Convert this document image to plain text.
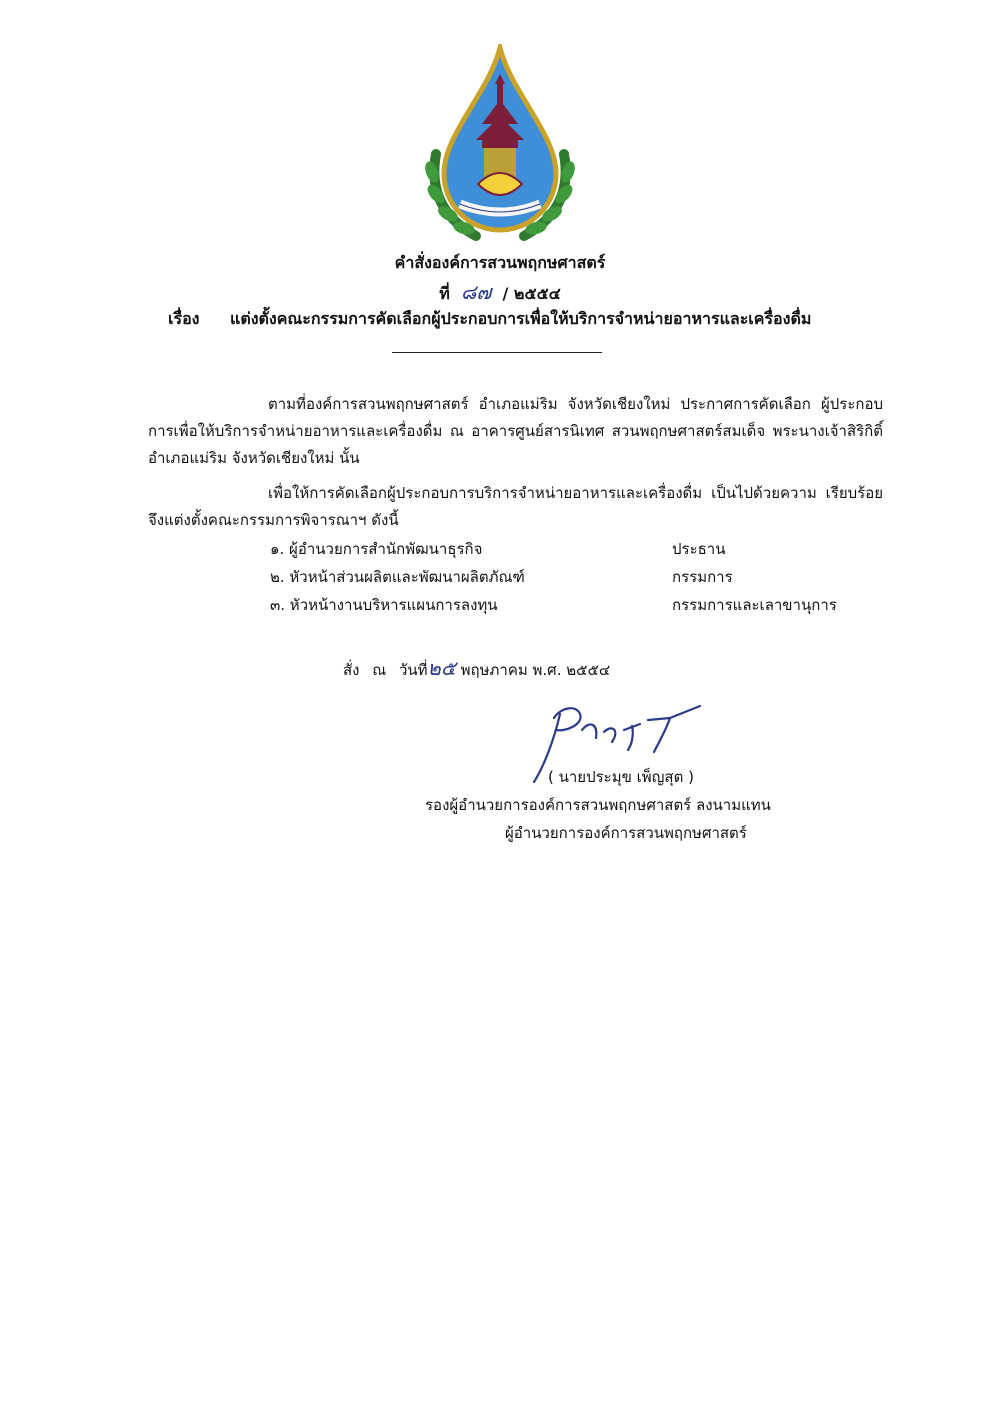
คำสั่งองค์การสวนพฤกษศาสตร์
ที่ ๘๗ / ๒๕๕๔
เรื่อง แต่งตั้งคณะกรรมการคัดเลือกผู้ประกอบการเพื่อให้บริการจำหน่ายอาหารและเครื่องดื่ม
ตามที่องค์การสวนพฤกษศาสตร์ อำเภอแม่ริม จังหวัดเชียงใหม่ ประกาศการคัดเลือก ผู้ประกอบการเพื่อให้บริการจำหน่ายอาหารและเครื่องดื่ม ณ อาคารศูนย์สารนิเทศ สวนพฤกษศาสตร์สมเด็จ พระนางเจ้าสิริกิติ์ อำเภอแม่ริม จังหวัดเชียงใหม่ นั้น
เพื่อให้การคัดเลือกผู้ประกอบการบริการจำหน่ายอาหารและเครื่องดื่ม เป็นไปด้วยความ เรียบร้อยจึงแต่งตั้งคณะกรรมการพิจารณาฯ ดังนี้
๑. ผู้อำนวยการสำนักพัฒนาธุรกิจ	ประธาน
๒. หัวหน้าส่วนผลิตและพัฒนาผลิตภัณฑ์	กรรมการ
๓. หัวหน้างานบริหารแผนการลงทุน	กรรมการและเลาขานุการ
สั่ง ณ วันที่๒๕ พฤษภาคม พ.ศ. ๒๕๕๔
( นายประมุข เพ็ญสุต )
รองผู้อำนวยการองค์การสวนพฤกษศาสตร์ ลงนามแทน
ผู้อำนวยการองค์การสวนพฤกษศาสตร์
